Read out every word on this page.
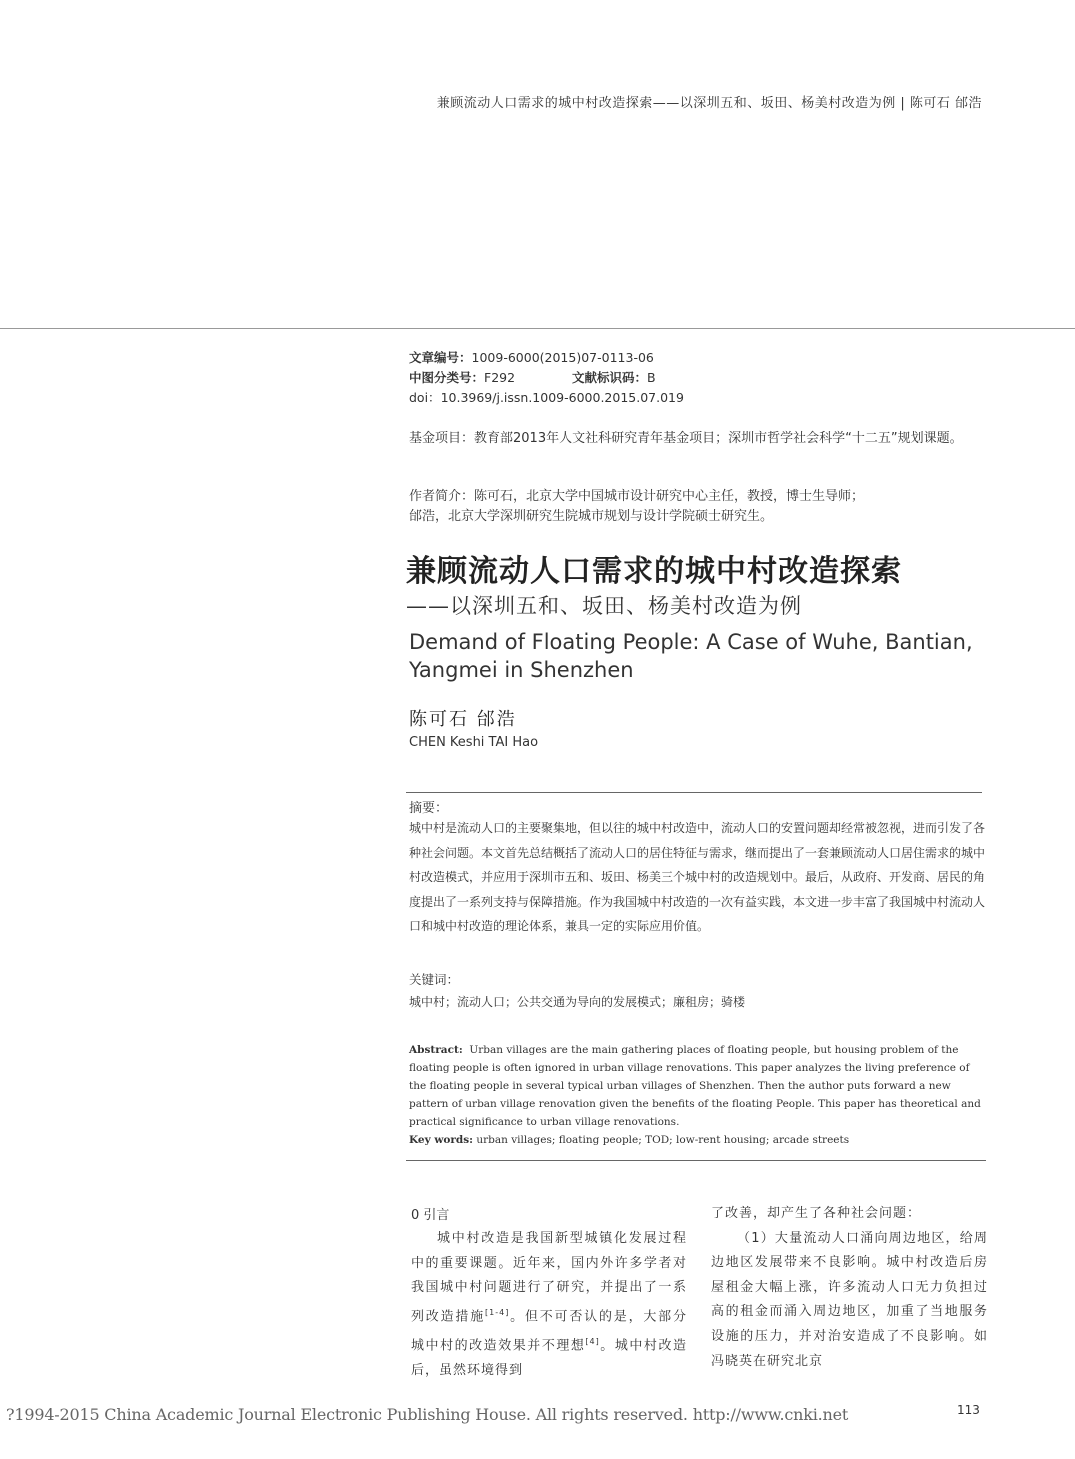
兼顾流动人口需求的城中村改造探索——以深圳五和、坂田、杨美村改造为例 | 陈可石 邰浩
文章编号：1009-6000(2015)07-0113-06
中图分类号：F292	文献标识码：B
doi：10.3969/j.issn.1009-6000.2015.07.019
基金项目：教育部2013年人文社科研究青年基金项目；深圳市哲学社会科学“十二五”规划课题。
作者简介：陈可石，北京大学中国城市设计研究中心主任，教授，博士生导师；
邰浩，北京大学深圳研究生院城市规划与设计学院硕士研究生。
兼顾流动人口需求的城中村改造探索
——以深圳五和、坂田、杨美村改造为例
Demand of Floating People: A Case of Wuhe, Bantian, Yangmei in Shenzhen
陈可石 邰浩
CHEN Keshi TAI Hao
摘要：
城中村是流动人口的主要聚集地，但以往的城中村改造中，流动人口的安置问题却经常被忽视，进而引发了各种社会问题。本文首先总结概括了流动人口的居住特征与需求，继而提出了一套兼顾流动人口居住需求的城中村改造模式，并应用于深圳市五和、坂田、杨美三个城中村的改造规划中。最后，从政府、开发商、居民的角度提出了一系列支持与保障措施。作为我国城中村改造的一次有益实践，本文进一步丰富了我国城中村流动人口和城中村改造的理论体系，兼具一定的实际应用价值。
关键词：
城中村；流动人口；公共交通为导向的发展模式；廉租房；骑楼
Abstract: Urban villages are the main gathering places of floating people, but housing problem of the floating people is often ignored in urban village renovations. This paper analyzes the living preference of the floating people in several typical urban villages of Shenzhen. Then the author puts forward a new pattern of urban village renovation given the benefits of the floating People. This paper has theoretical and practical significance to urban village renovations.
Key words: urban villages; floating people; TOD; low-rent housing; arcade streets
0 引言
城中村改造是我国新型城镇化发展过程中的重要课题。近年来，国内外许多学者对我国城中村问题进行了研究，并提出了一系列改造措施[1-4]。但不可否认的是，大部分城中村的改造效果并不理想[4]。城中村改造后，虽然环境得到
了改善，却产生了各种社会问题：
（1）大量流动人口涌向周边地区，给周边地区发展带来不良影响。城中村改造后房屋租金大幅上涨，许多流动人口无力负担过高的租金而涌入周边地区，加重了当地服务设施的压力，并对治安造成了不良影响。如冯晓英在研究北京
?1994-2015 China Academic Journal Electronic Publishing House. All rights reserved. http://www.cnki.net	113
